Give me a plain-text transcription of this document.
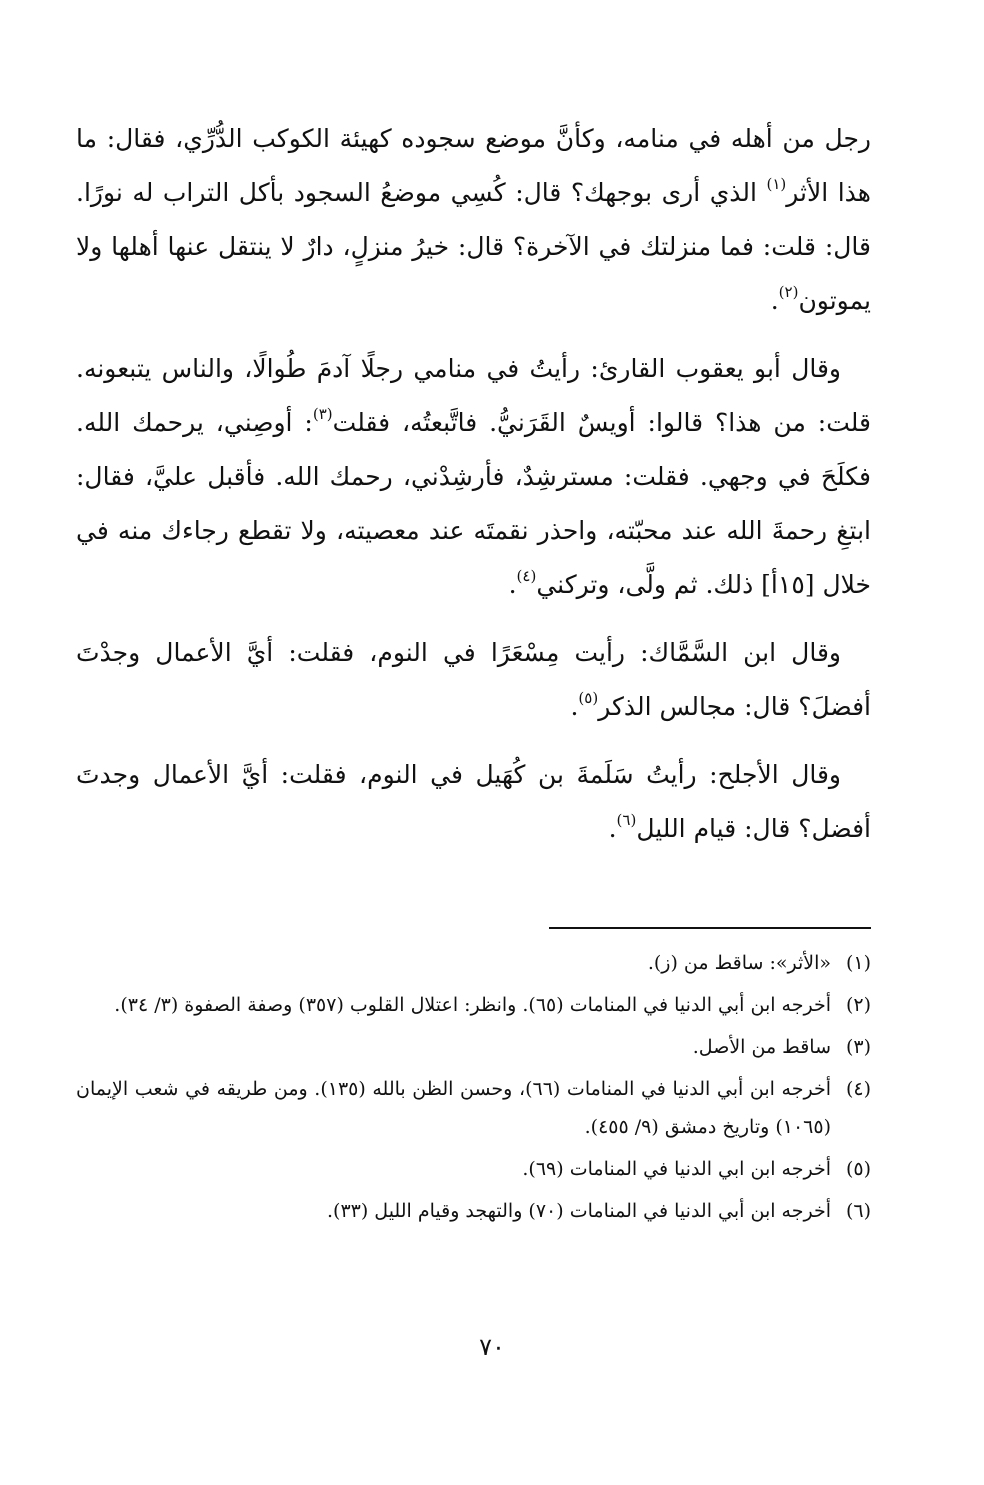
رجل من أهله في منامه، وكأنَّ موضع سجوده كهيئة الكوكب الدُّرِّي، فقال: ما هذا الأثر$^{(١)}$ الذي أرى بوجهك؟ قال: كُسِي موضعُ السجود بأكل التراب له نورًا. قال: قلت: فما منزلتك في الآخرة؟ قال: خيرُ منزلٍ، دارٌ لا ينتقل عنها أهلها ولا يموتون$^{(٢)}$.

وقال أبو يعقوب القارئ: رأيتُ في منامي رجلًا آدمَ طُوالًا، والناس يتبعونه. قلت: من هذا؟ قالوا: أويسٌ القَرَنيُّ. فاتَّبعتُه، فقلت$^{(٣)}$: أوصِني، يرحمك الله. فكلَحَ في وجهي. فقلت: مسترشِدٌ، فأرشِدْني، رحمك الله. فأقبل عليَّ، فقال: ابتغِ رحمةَ الله عند محبّته، واحذر نقمتَه عند معصيته، ولا تقطع رجاءك منه في خلال [١٥أ] ذلك. ثم ولَّى، وتركني$^{(٤)}$.

وقال ابن السَّمَّاك: رأيت مِسْعَرًا في النوم، فقلت: أيَّ الأعمال وجدْتَ أفضلَ؟ قال: مجالس الذكر$^{(٥)}$.

وقال الأجلح: رأيتُ سَلَمةَ بن كُهَيل في النوم، فقلت: أيَّ الأعمال وجدتَ أفضل؟ قال: قيام الليل$^{(٦)}$.

(١)
«الأثر»: ساقط من (ز).
(٢)
أخرجه ابن أبي الدنيا في المنامات (٦٥). وانظر: اعتلال القلوب (٣٥٧) وصفة الصفوة (٣/ ٣٤).
(٣)
ساقط من الأصل.
(٤)
أخرجه ابن أبي الدنيا في المنامات (٦٦)، وحسن الظن بالله (١٣٥). ومن طريقه في شعب الإيمان (١٠٦٥) وتاريخ دمشق (٩/ ٤٥٥).
(٥)
أخرجه ابن ابي الدنيا في المنامات (٦٩).
(٦)
أخرجه ابن أبي الدنيا في المنامات (٧٠) والتهجد وقيام الليل (٣٣).
٧٠
